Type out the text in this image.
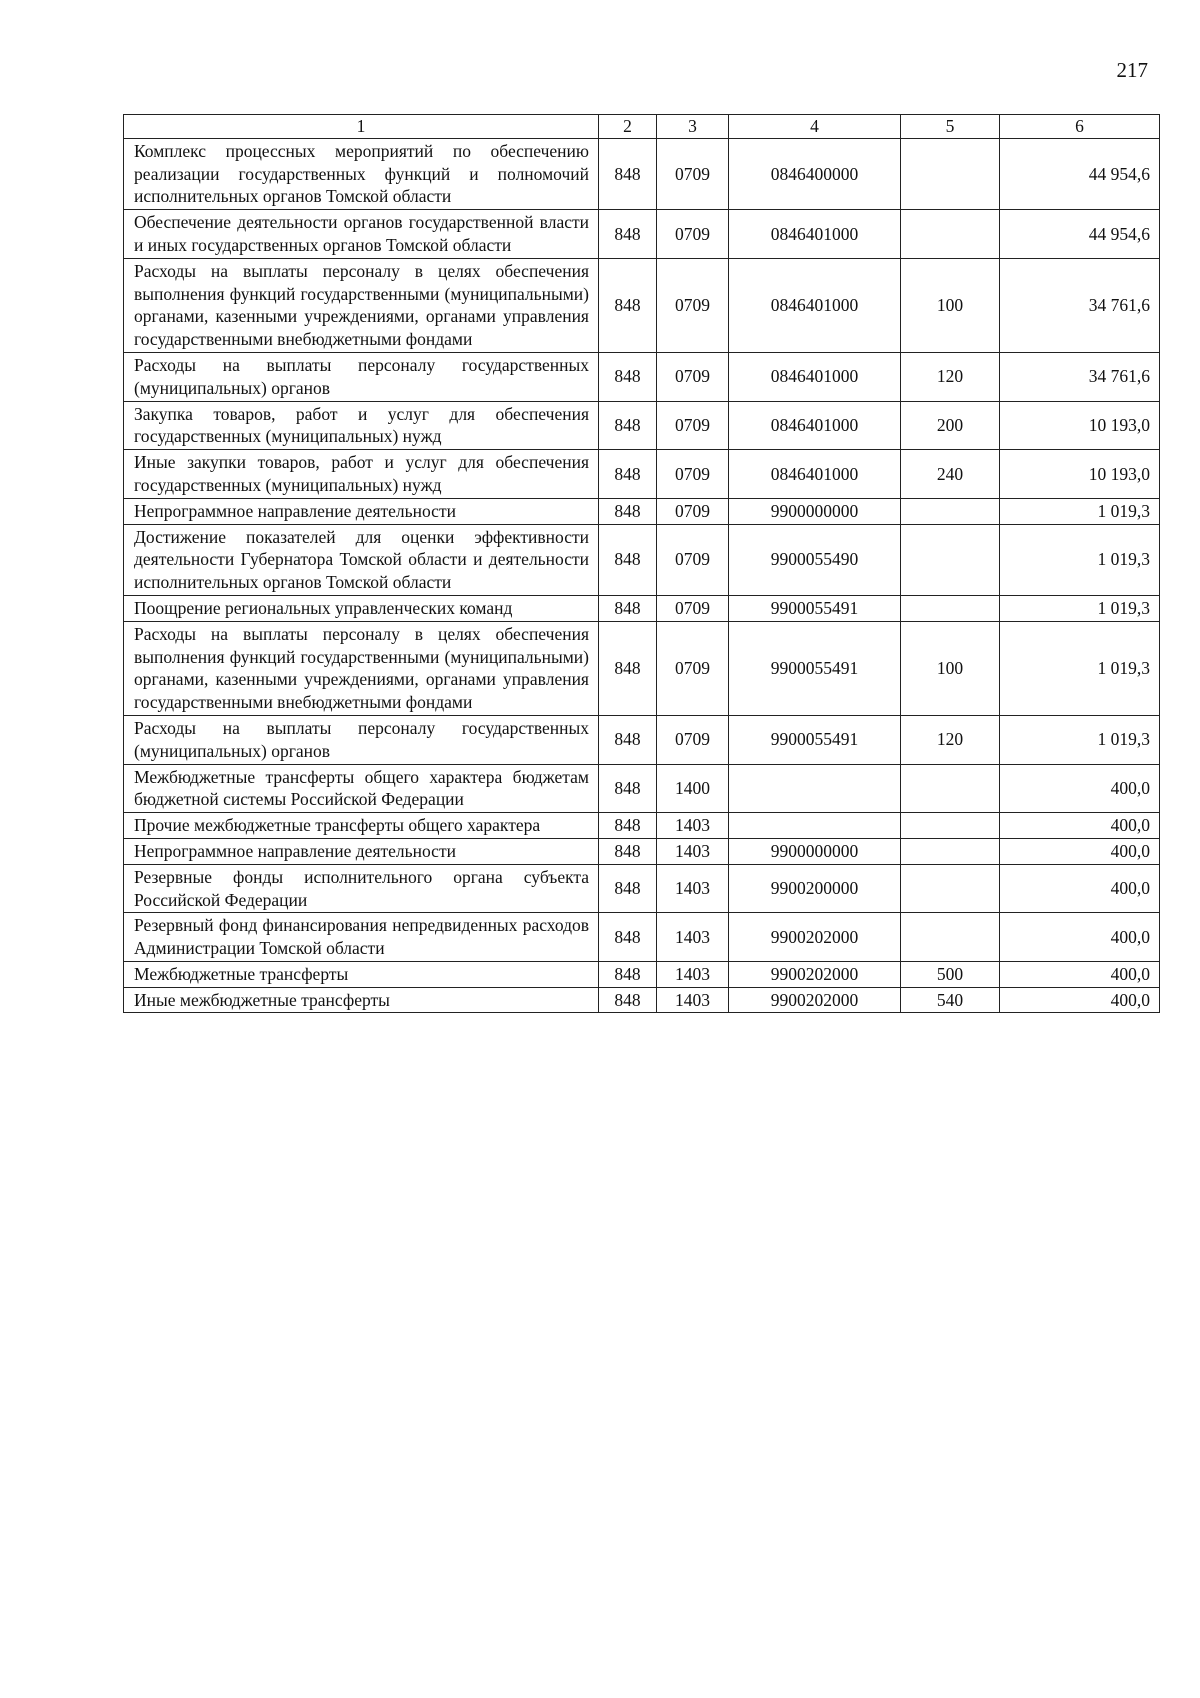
217
1	2	3	4	5	6
Комплекс процессных мероприятий по обеспечению реализации государственных функций и полномочий исполнительных органов Томской области	848	0709	0846400000		44 954,6
Обеспечение деятельности органов государственной власти и иных государственных органов Томской области	848	0709	0846401000		44 954,6
Расходы на выплаты персоналу в целях обеспечения выполнения функций государственными (муниципальными) органами, казенными учреждениями, органами управления государственными внебюджетными фондами	848	0709	0846401000	100	34 761,6
Расходы на выплаты персоналу государственных (муниципальных) органов	848	0709	0846401000	120	34 761,6
Закупка товаров, работ и услуг для обеспечения государственных (муниципальных) нужд	848	0709	0846401000	200	10 193,0
Иные закупки товаров, работ и услуг для обеспечения государственных (муниципальных) нужд	848	0709	0846401000	240	10 193,0
Непрограммное направление деятельности	848	0709	9900000000		1 019,3
Достижение показателей для оценки эффективности деятельности Губернатора Томской области и деятельности исполнительных органов Томской области	848	0709	9900055490		1 019,3
Поощрение региональных управленческих команд	848	0709	9900055491		1 019,3
Расходы на выплаты персоналу в целях обеспечения выполнения функций государственными (муниципальными) органами, казенными учреждениями, органами управления государственными внебюджетными фондами	848	0709	9900055491	100	1 019,3
Расходы на выплаты персоналу государственных (муниципальных) органов	848	0709	9900055491	120	1 019,3
Межбюджетные трансферты общего характера бюджетам бюджетной системы Российской Федерации	848	1400			400,0
Прочие межбюджетные трансферты общего характера	848	1403			400,0
Непрограммное направление деятельности	848	1403	9900000000		400,0
Резервные фонды исполнительного органа субъекта Российской Федерации	848	1403	9900200000		400,0
Резервный фонд финансирования непредвиденных расходов Администрации Томской области	848	1403	9900202000		400,0
Межбюджетные трансферты	848	1403	9900202000	500	400,0
Иные межбюджетные трансферты	848	1403	9900202000	540	400,0
